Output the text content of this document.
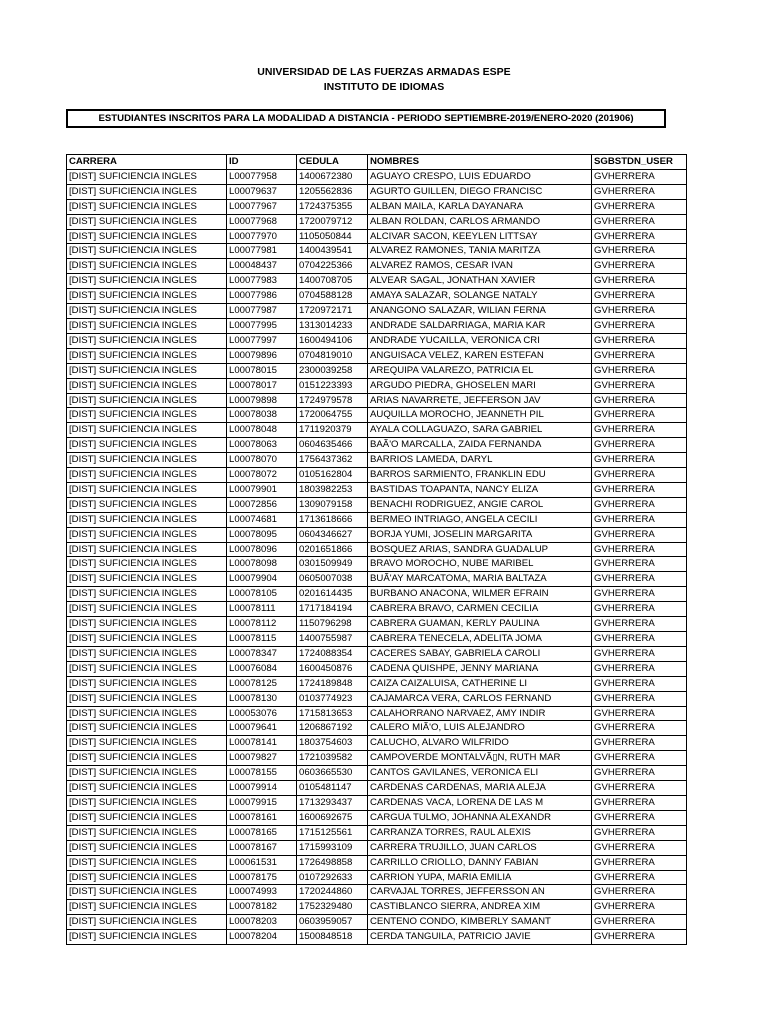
UNIVERSIDAD DE LAS FUERZAS ARMADAS ESPE
INSTITUTO DE IDIOMAS
ESTUDIANTES INSCRITOS PARA LA MODALIDAD A DISTANCIA - PERIODO SEPTIEMBRE-2019/ENERO-2020 (201906)
CARRERA	ID	CEDULA	NOMBRES	SGBSTDN_USER
[DIST] SUFICIENCIA INGLES	L00077958	1400672380	AGUAYO CRESPO, LUIS EDUARDO	GVHERRERA
[DIST] SUFICIENCIA INGLES	L00079637	1205562836	AGURTO GUILLEN, DIEGO FRANCISC	GVHERRERA
[DIST] SUFICIENCIA INGLES	L00077967	1724375355	ALBAN MAILA, KARLA DAYANARA	GVHERRERA
[DIST] SUFICIENCIA INGLES	L00077968	1720079712	ALBAN ROLDAN, CARLOS ARMANDO	GVHERRERA
[DIST] SUFICIENCIA INGLES	L00077970	1105050844	ALCIVAR SACON, KEEYLEN LITTSAY	GVHERRERA
[DIST] SUFICIENCIA INGLES	L00077981	1400439541	ALVAREZ RAMONES, TANIA MARITZA	GVHERRERA
[DIST] SUFICIENCIA INGLES	L00048437	0704225366	ALVAREZ RAMOS, CESAR IVAN	GVHERRERA
[DIST] SUFICIENCIA INGLES	L00077983	1400708705	ALVEAR SAGAL, JONATHAN XAVIER	GVHERRERA
[DIST] SUFICIENCIA INGLES	L00077986	0704588128	AMAYA SALAZAR, SOLANGE NATALY	GVHERRERA
[DIST] SUFICIENCIA INGLES	L00077987	1720972171	ANANGONO SALAZAR, WILIAN FERNA	GVHERRERA
[DIST] SUFICIENCIA INGLES	L00077995	1313014233	ANDRADE SALDARRIAGA, MARIA KAR	GVHERRERA
[DIST] SUFICIENCIA INGLES	L00077997	1600494106	ANDRADE YUCAILLA, VERONICA CRI	GVHERRERA
[DIST] SUFICIENCIA INGLES	L00079896	0704819010	ANGUISACA VELEZ, KAREN ESTEFAN	GVHERRERA
[DIST] SUFICIENCIA INGLES	L00078015	2300039258	AREQUIPA VALAREZO, PATRICIA EL	GVHERRERA
[DIST] SUFICIENCIA INGLES	L00078017	0151223393	ARGUDO PIEDRA, GHOSELEN MARI	GVHERRERA
[DIST] SUFICIENCIA INGLES	L00079898	1724979578	ARIAS NAVARRETE, JEFFERSON JAV	GVHERRERA
[DIST] SUFICIENCIA INGLES	L00078038	1720064755	AUQUILLA MOROCHO, JEANNETH PIL	GVHERRERA
[DIST] SUFICIENCIA INGLES	L00078048	1711920379	AYALA COLLAGUAZO, SARA GABRIEL	GVHERRERA
[DIST] SUFICIENCIA INGLES	L00078063	0604635466	BAÃ'O MARCALLA, ZAIDA FERNANDA	GVHERRERA
[DIST] SUFICIENCIA INGLES	L00078070	1756437362	BARRIOS LAMEDA, DARYL	GVHERRERA
[DIST] SUFICIENCIA INGLES	L00078072	0105162804	BARROS SARMIENTO, FRANKLIN EDU	GVHERRERA
[DIST] SUFICIENCIA INGLES	L00079901	1803982253	BASTIDAS TOAPANTA, NANCY ELIZA	GVHERRERA
[DIST] SUFICIENCIA INGLES	L00072856	1309079158	BENACHI RODRIGUEZ, ANGIE CAROL	GVHERRERA
[DIST] SUFICIENCIA INGLES	L00074681	1713618666	BERMEO INTRIAGO, ANGELA CECILI	GVHERRERA
[DIST] SUFICIENCIA INGLES	L00078095	0604346627	BORJA YUMI, JOSELIN MARGARITA	GVHERRERA
[DIST] SUFICIENCIA INGLES	L00078096	0201651866	BOSQUEZ ARIAS, SANDRA GUADALUP	GVHERRERA
[DIST] SUFICIENCIA INGLES	L00078098	0301509949	BRAVO MOROCHO, NUBE MARIBEL	GVHERRERA
[DIST] SUFICIENCIA INGLES	L00079904	0605007038	BUÃ'AY MARCATOMA, MARIA BALTAZA	GVHERRERA
[DIST] SUFICIENCIA INGLES	L00078105	0201614435	BURBANO ANACONA, WILMER EFRAIN	GVHERRERA
[DIST] SUFICIENCIA INGLES	L00078111	1717184194	CABRERA BRAVO, CARMEN CECILIA	GVHERRERA
[DIST] SUFICIENCIA INGLES	L00078112	1150796298	CABRERA GUAMAN, KERLY PAULINA	GVHERRERA
[DIST] SUFICIENCIA INGLES	L00078115	1400755987	CABRERA TENECELA, ADELITA JOMA	GVHERRERA
[DIST] SUFICIENCIA INGLES	L00078347	1724088354	CACERES SABAY, GABRIELA CAROLI	GVHERRERA
[DIST] SUFICIENCIA INGLES	L00076084	1600450876	CADENA QUISHPE, JENNY MARIANA	GVHERRERA
[DIST] SUFICIENCIA INGLES	L00078125	1724189848	CAIZA CAIZALUISA, CATHERINE LI	GVHERRERA
[DIST] SUFICIENCIA INGLES	L00078130	0103774923	CAJAMARCA VERA, CARLOS FERNAND	GVHERRERA
[DIST] SUFICIENCIA INGLES	L00053076	1715813653	CALAHORRANO NARVAEZ, AMY INDIR	GVHERRERA
[DIST] SUFICIENCIA INGLES	L00079641	1206867192	CALERO MIÃ'O, LUIS ALEJANDRO	GVHERRERA
[DIST] SUFICIENCIA INGLES	L00078141	1803754603	CALUCHO, ALVARO WILFRIDO	GVHERRERA
[DIST] SUFICIENCIA INGLES	L00079827	1721039582	CAMPOVERDE MONTALVÃ▯N, RUTH MAR	GVHERRERA
[DIST] SUFICIENCIA INGLES	L00078155	0603665530	CANTOS GAVILANES, VERONICA ELI	GVHERRERA
[DIST] SUFICIENCIA INGLES	L00079914	0105481147	CARDENAS CARDENAS, MARIA ALEJA	GVHERRERA
[DIST] SUFICIENCIA INGLES	L00079915	1713293437	CARDENAS VACA, LORENA DE LAS M	GVHERRERA
[DIST] SUFICIENCIA INGLES	L00078161	1600692675	CARGUA TULMO, JOHANNA ALEXANDR	GVHERRERA
[DIST] SUFICIENCIA INGLES	L00078165	1715125561	CARRANZA TORRES, RAUL ALEXIS	GVHERRERA
[DIST] SUFICIENCIA INGLES	L00078167	1715993109	CARRERA TRUJILLO, JUAN CARLOS	GVHERRERA
[DIST] SUFICIENCIA INGLES	L00061531	1726498858	CARRILLO CRIOLLO, DANNY FABIAN	GVHERRERA
[DIST] SUFICIENCIA INGLES	L00078175	0107292633	CARRION YUPA, MARIA EMILIA	GVHERRERA
[DIST] SUFICIENCIA INGLES	L00074993	1720244860	CARVAJAL TORRES, JEFFERSSON AN	GVHERRERA
[DIST] SUFICIENCIA INGLES	L00078182	1752329480	CASTIBLANCO SIERRA, ANDREA XIM	GVHERRERA
[DIST] SUFICIENCIA INGLES	L00078203	0603959057	CENTENO CONDO, KIMBERLY SAMANT	GVHERRERA
[DIST] SUFICIENCIA INGLES	L00078204	1500848518	CERDA TANGUILA, PATRICIO JAVIE	GVHERRERA
